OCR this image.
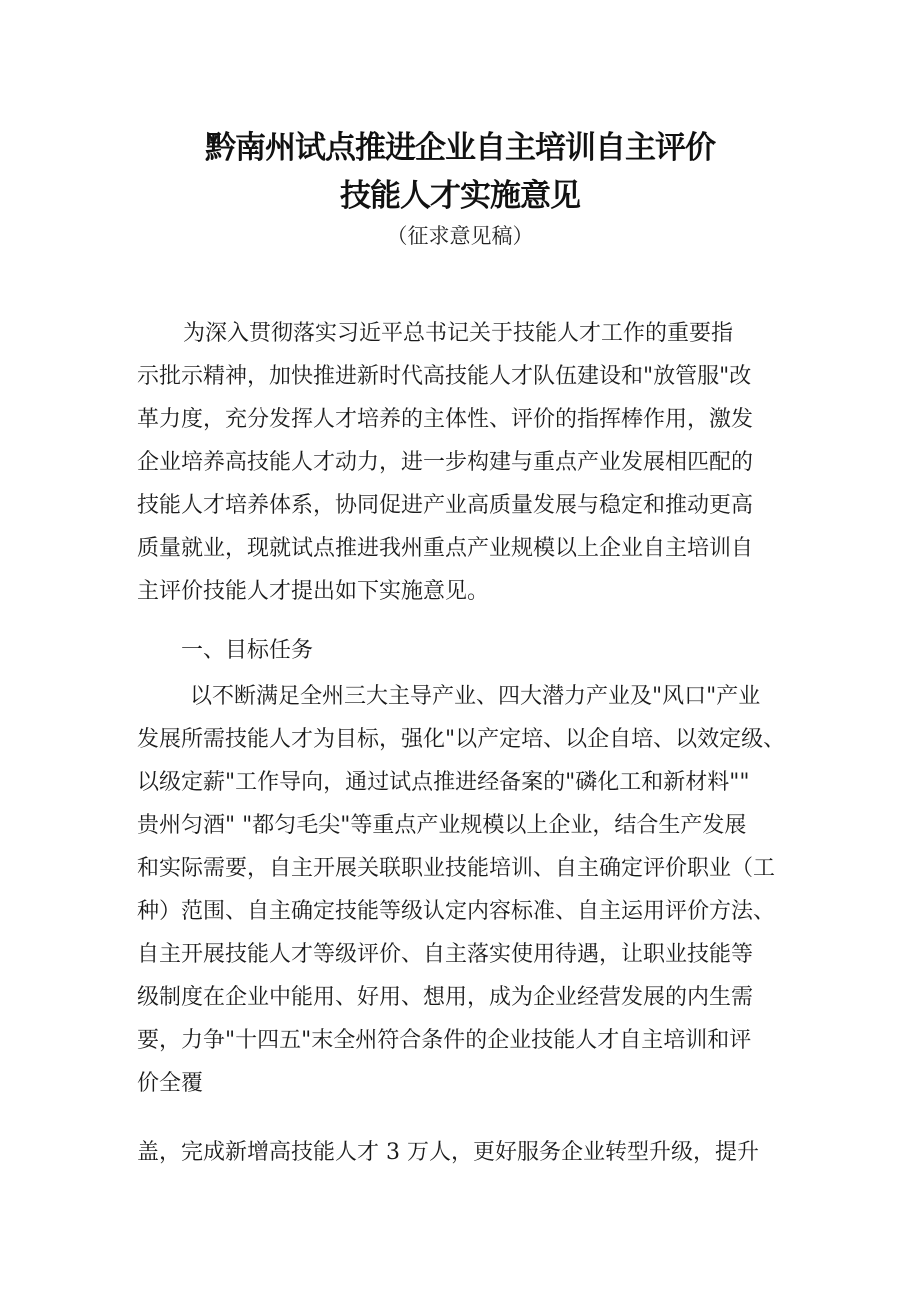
黔南州试点推进企业自主培训自主评价
技能人才实施意见
（征求意见稿）
为深入贯彻落实习近平总书记关于技能人才工作的重要指
示批示精神，加快推进新时代高技能人才队伍建设和"放管服"改
革力度，充分发挥人才培养的主体性、评价的指挥棒作用，激发
企业培养高技能人才动力，进一步构建与重点产业发展相匹配的
技能人才培养体系，协同促进产业高质量发展与稳定和推动更高
质量就业，现就试点推进我州重点产业规模以上企业自主培训自
主评价技能人才提出如下实施意见。
一、目标任务
以不断满足全州三大主导产业、四大潜力产业及"风口"产业
发展所需技能人才为目标，强化"以产定培、以企自培、以效定级、
以级定薪"工作导向，通过试点推进经备案的"磷化工和新材料""
贵州匀酒" "都匀毛尖"等重点产业规模以上企业，结合生产发展
和实际需要，自主开展关联职业技能培训、自主确定评价职业（工
种）范围、自主确定技能等级认定内容标准、自主运用评价方法、
自主开展技能人才等级评价、自主落实使用待遇，让职业技能等
级制度在企业中能用、好用、想用，成为企业经营发展的内生需
要，力争"十四五"末全州符合条件的企业技能人才自主培训和评
价全覆
盖，完成新增高技能人才 3 万人，更好服务企业转型升级，提升
